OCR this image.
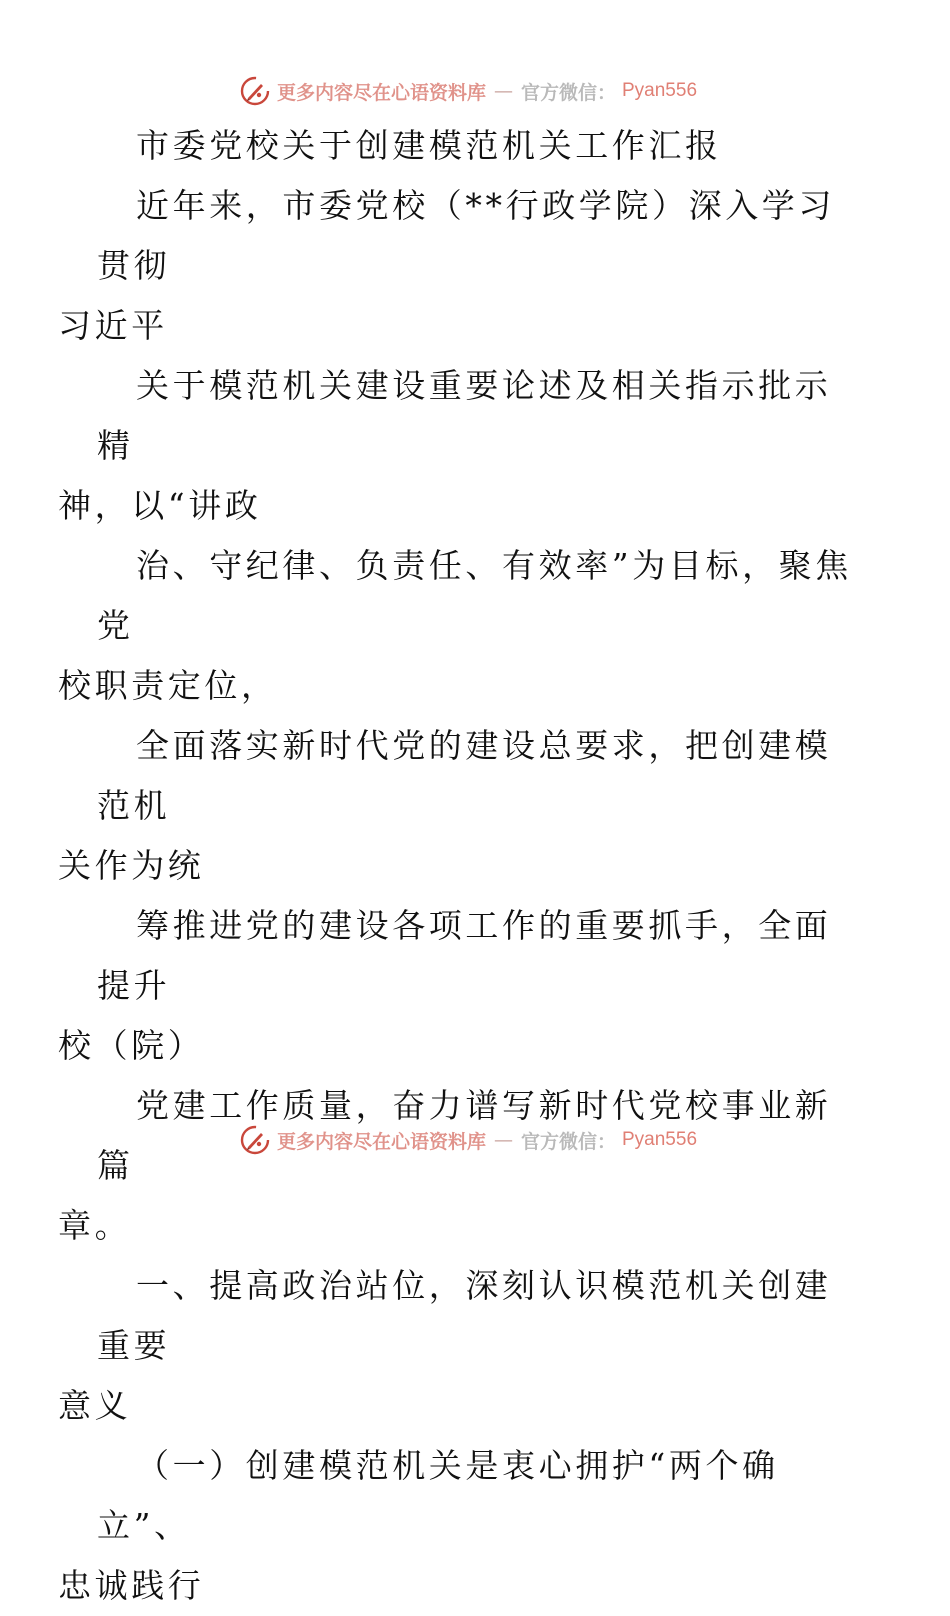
更多内容尽在心语资料库 — 官方微信： Pyan556

市委党校关于创建模范机关工作汇报

近年来，市委党校（**行政学院）深入学习贯彻
习近平

关于模范机关建设重要论述及相关指示批示精
神，以“讲政

治、守纪律、负责任、有效率”为目标，聚焦党
校职责定位，

全面落实新时代党的建设总要求，把创建模范机
关作为统

筹推进党的建设各项工作的重要抓手，全面提升
校（院）

党建工作质量，奋力谱写新时代党校事业新篇
章。

一、提高政治站位，深刻认识模范机关创建重要
意义

（一）创建模范机关是衷心拥护“两个确立”、
忠诚践行

更多内容尽在心语资料库 — 官方微信： Pyan556
